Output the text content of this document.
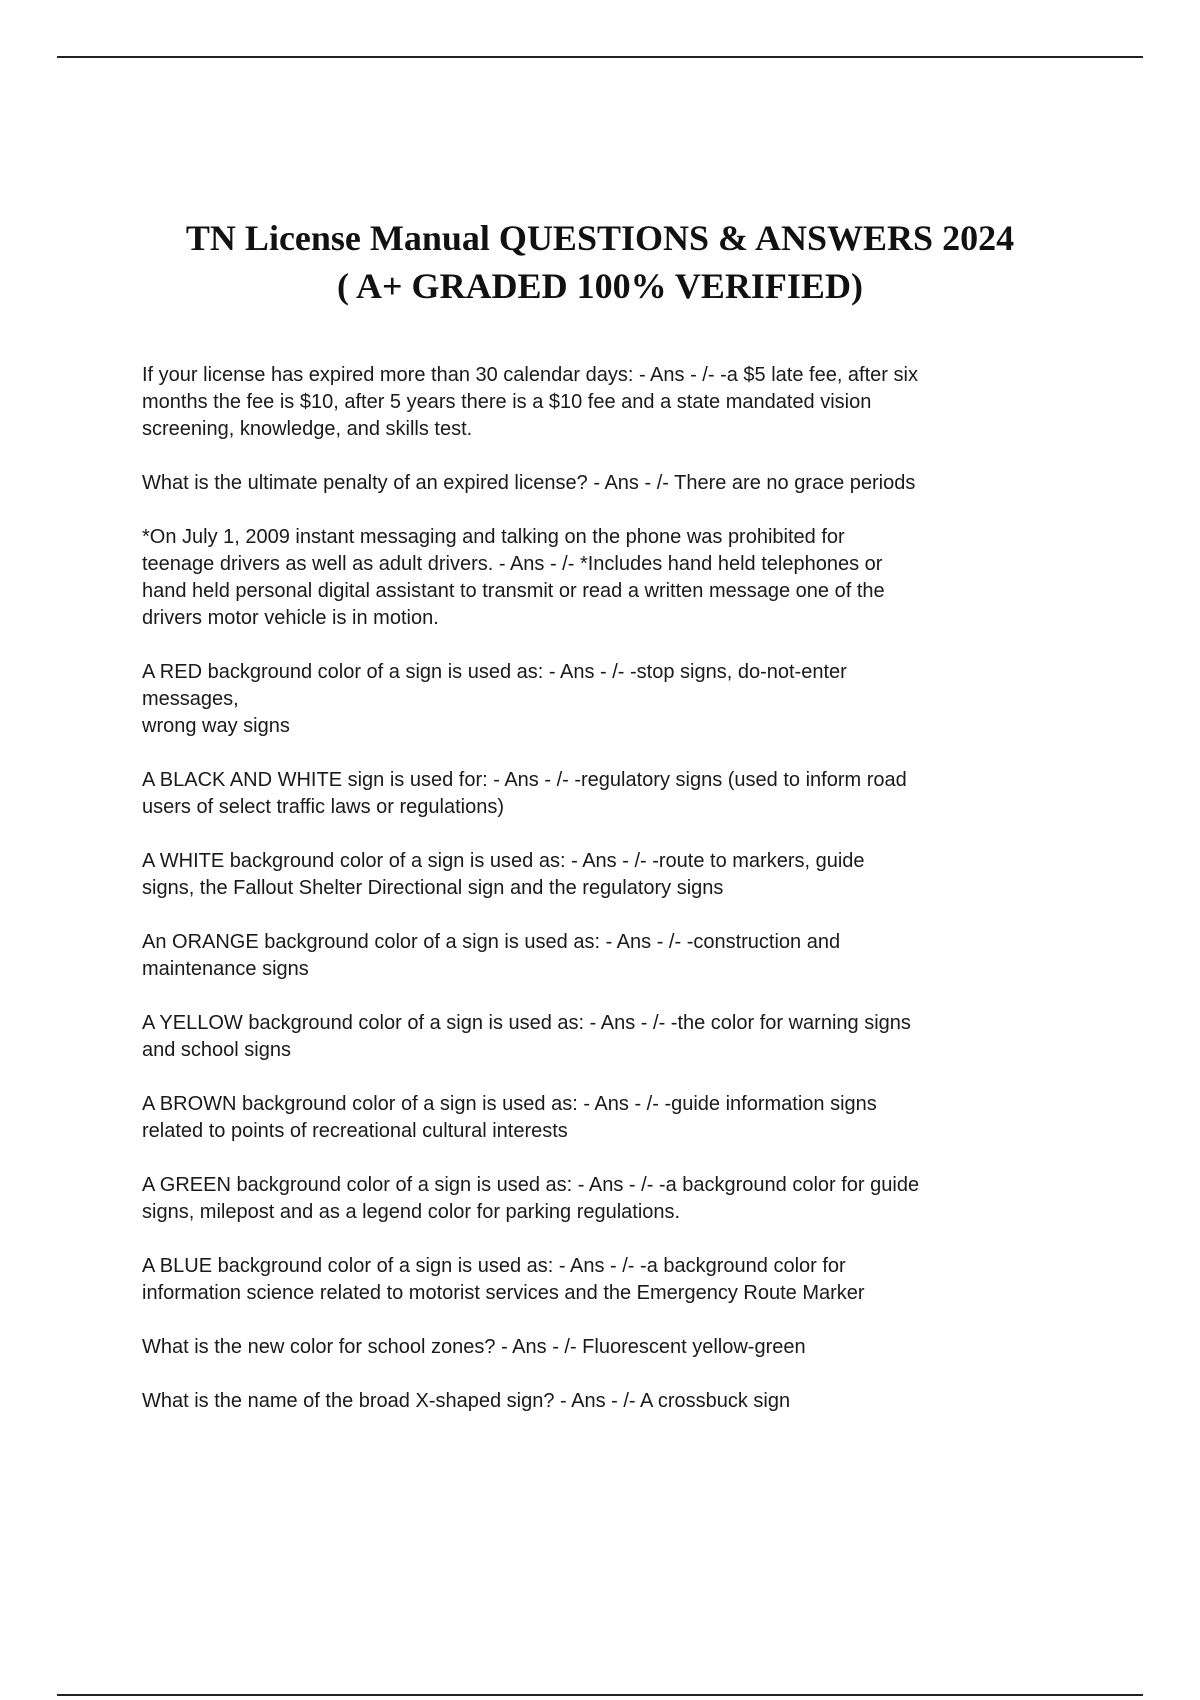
TN License Manual QUESTIONS & ANSWERS 2024
( A+ GRADED 100% VERIFIED)

If your license has expired more than 30 calendar days: - Ans - /- -a $5 late fee, after six
months the fee is $10, after 5 years there is a $10 fee and a state mandated vision
screening, knowledge, and skills test.

What is the ultimate penalty of an expired license? - Ans - /- There are no grace periods

*On July 1, 2009 instant messaging and talking on the phone was prohibited for
teenage drivers as well as adult drivers. - Ans - /- *Includes hand held telephones or
hand held personal digital assistant to transmit or read a written message one of the
drivers motor vehicle is in motion.

A RED background color of a sign is used as: - Ans - /- -stop signs, do-not-enter
messages,
wrong way signs

A BLACK AND WHITE sign is used for: - Ans - /- -regulatory signs (used to inform road
users of select traffic laws or regulations)

A WHITE background color of a sign is used as: - Ans - /- -route to markers, guide
signs, the Fallout Shelter Directional sign and the regulatory signs

An ORANGE background color of a sign is used as: - Ans - /- -construction and
maintenance signs

A YELLOW background color of a sign is used as: - Ans - /- -the color for warning signs
and school signs

A BROWN background color of a sign is used as: - Ans - /- -guide information signs
related to points of recreational cultural interests

A GREEN background color of a sign is used as: - Ans - /- -a background color for guide
signs, milepost and as a legend color for parking regulations.

A BLUE background color of a sign is used as: - Ans - /- -a background color for
information science related to motorist services and the Emergency Route Marker

What is the new color for school zones? - Ans - /- Fluorescent yellow-green

What is the name of the broad X-shaped sign? - Ans - /- A crossbuck sign
